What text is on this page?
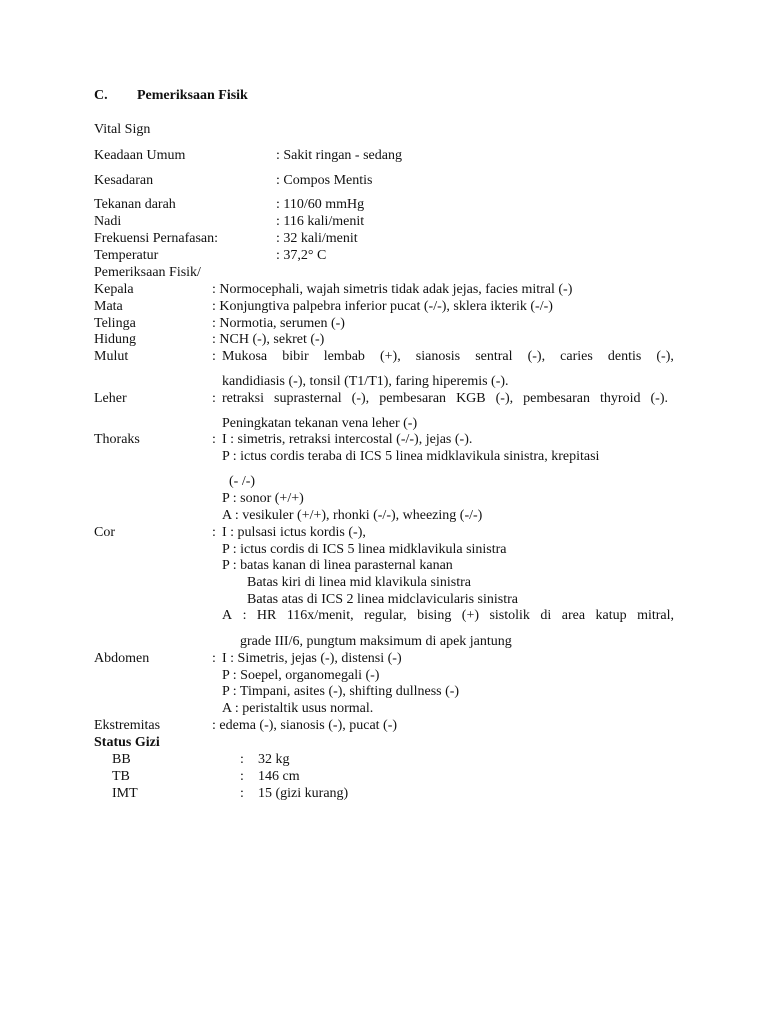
C. Pemeriksaan Fisik
Vital Sign
Keadaan Umum	: Sakit ringan - sedang
Kesadaran	: Compos Mentis
Tekanan darah	: 110/60 mmHg
Nadi	: 116 kali/menit
Frekuensi Pernafasan:	: 32 kali/menit
Temperatur	: 37,2° C
Pemeriksaan Fisik/
Kepala	: Normocephali, wajah simetris tidak adak jejas, facies mitral (-)
Mata	: Konjungtiva palpebra inferior pucat (-/-), sklera ikterik (-/-)
Telinga	: Normotia, serumen (-)
Hidung	: NCH (-), sekret (-)
Mulut	: Mukosa bibir lembab (+), sianosis sentral (-), caries dentis (-),
kandidiasis (-), tonsil (T1/T1), faring hiperemis (-).
Leher	: retraksi suprasternal (-), pembesaran KGB (-), pembesaran thyroid (-).
Peningkatan tekanan vena leher (-)
Thoraks	: I : simetris, retraksi intercostal (-/-), jejas (-).
P : ictus cordis teraba di ICS 5 linea midklavikula sinistra, krepitasi
(- /-)
P : sonor (+/+)
A : vesikuler (+/+), rhonki (-/-), wheezing (-/-)
Cor	: I : pulsasi ictus kordis (-),
P : ictus cordis di ICS 5 linea midklavikula sinistra
P : batas kanan di linea parasternal kanan
Batas kiri di linea mid klavikula sinistra
Batas atas di ICS 2 linea midclavicularis sinistra
A : HR 116x/menit, regular, bising (+) sistolik di area katup mitral,
grade III/6, pungtum maksimum di apek jantung
Abdomen	: I : Simetris, jejas (-), distensi (-)
P : Soepel, organomegali (-)
P : Timpani, asites (-), shifting dullness (-)
A : peristaltik usus normal.
Ekstremitas	: edema (-), sianosis (-), pucat (-)
Status Gizi
BB	: 32 kg
TB	: 146 cm
IMT	: 15 (gizi kurang)
